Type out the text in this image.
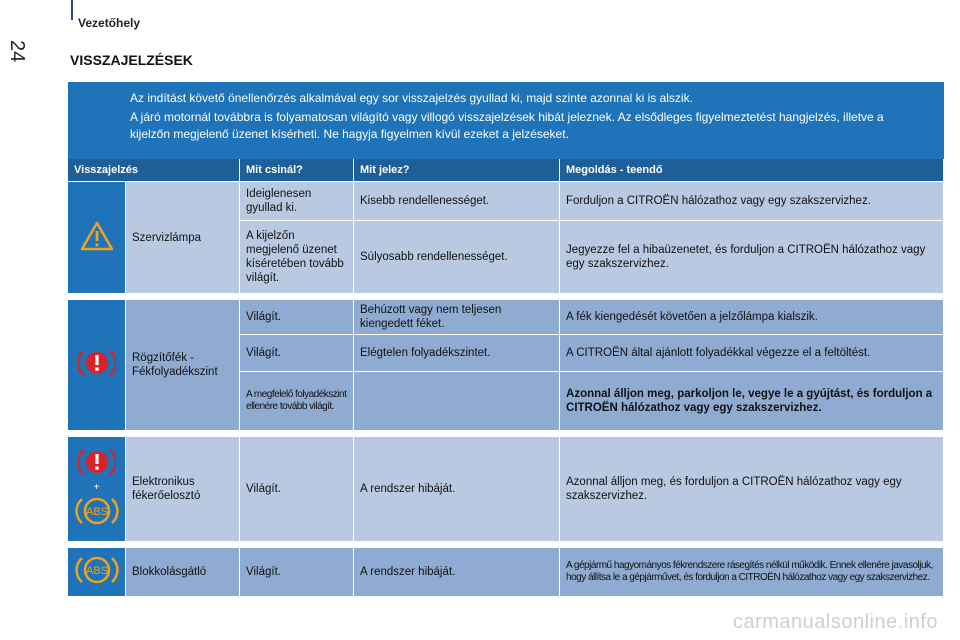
Vezetőhely
24	VISSZAJELZÉSEK

Az indítást követő önellenőrzés alkalmával egy sor visszajelzés gyullad ki, majd szinte azonnal ki is alszik.

A járó motornál továbbra is folyamatosan világító vagy villogó visszajelzések hibát jeleznek. Az elsődleges figyelmeztetést hangjelzés, illetve a kijelzőn megjelenő üzenet kísérheti. Ne hagyja figyelmen kívül ezeket a jelzéseket.

Visszajelzés		Mit csinál?	Mit jelez?	Megoldás - teendő
	Szervizlámpa	Ideiglenesen gyullad ki.	Kisebb rendellenességet.	Forduljon a CITROËN hálózathoz vagy egy szakszervizhez.
		A kijelzőn megjelenő üzenet kíséretében tovább világít.	Súlyosabb rendellenességet.	Jegyezze fel a hibaüzenetet, és forduljon a CITROËN hálózathoz vagy egy szakszervizhez.

	Rögzítőfék - Fékfolyadékszint	Világít.	Behúzott vagy nem teljesen kiengedett féket.	A fék kiengedését követően a jelzőlámpa kialszik.
		Világít.	Elégtelen folyadékszintet.	A CITROËN által ajánlott folyadékkal végezze el a feltöltést.
		A megfelelő folyadékszint ellenére tovább világít.		Azonnal álljon meg, parkoljon le, vegye le a gyújtást, és forduljon a CITROËN hálózathoz vagy egy szakszervizhez.

+
ABS	Elektronikus fékerőelosztó	Világít.	A rendszer hibáját.	Azonnal álljon meg, és forduljon a CITROËN hálózathoz vagy egy szakszervizhez.

ABS	Blokkolásgátló	Világít.	A rendszer hibáját.	A gépjármű hagyományos fékrendszere rásegítés nélkül működik. Ennek ellenére javasoljuk, hogy állítsa le a gépjárművet, és forduljon a CITROËN hálózathoz vagy egy szakszervizhez.
carmanualsonline.info
